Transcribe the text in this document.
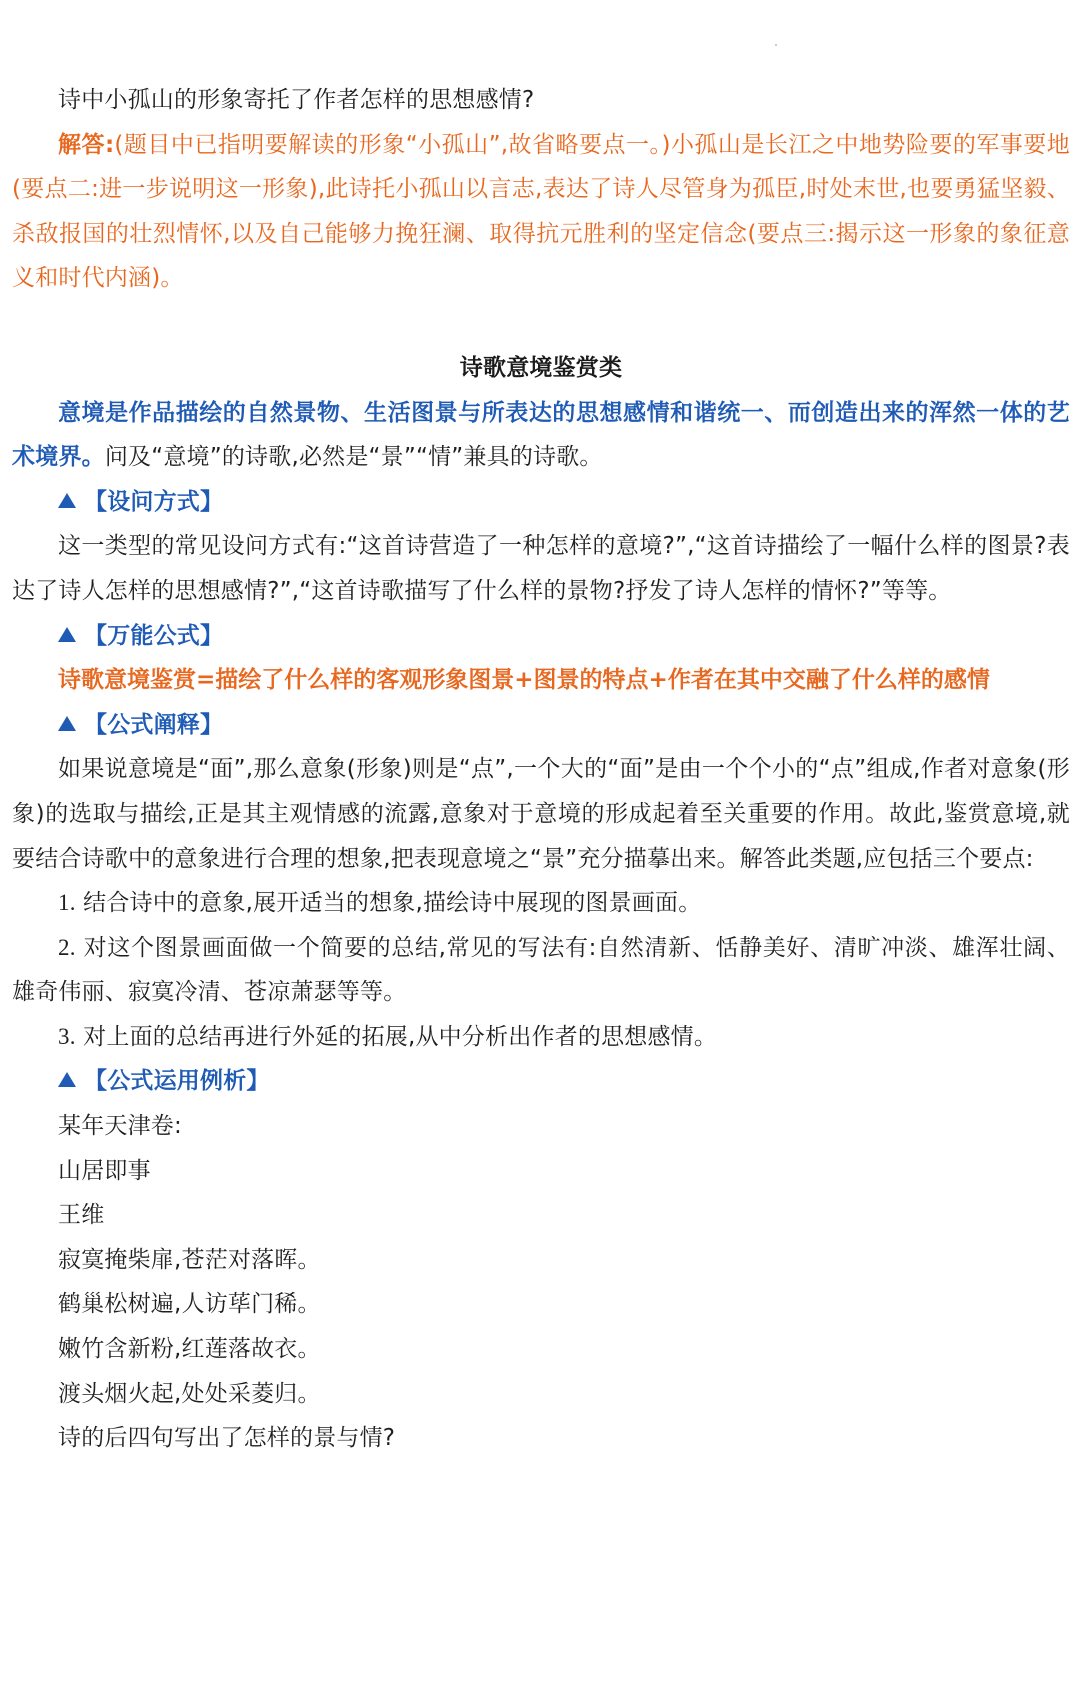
诗中小孤山的形象寄托了作者怎样的思想感情?

解答:(题目中已指明要解读的形象“小孤山”,故省略要点一。)小孤山是长江之中地势险要的军事要地(要点二:进一步说明这一形象),此诗托小孤山以言志,表达了诗人尽管身为孤臣,时处末世,也要勇猛坚毅、杀敌报国的壮烈情怀,以及自己能够力挽狂澜、取得抗元胜利的坚定信念(要点三:揭示这一形象的象征意义和时代内涵)。

诗歌意境鉴赏类

意境是作品描绘的自然景物、生活图景与所表达的思想感情和谐统一、而创造出来的浑然一体的艺术境界。问及“意境”的诗歌,必然是“景”“情”兼具的诗歌。

【设问方式】

这一类型的常见设问方式有:“这首诗营造了一种怎样的意境?”,“这首诗描绘了一幅什么样的图景?表达了诗人怎样的思想感情?”,“这首诗歌描写了什么样的景物?抒发了诗人怎样的情怀?”等等。

【万能公式】

诗歌意境鉴赏=描绘了什么样的客观形象图景+图景的特点+作者在其中交融了什么样的感情

【公式阐释】

如果说意境是“面”,那么意象(形象)则是“点”,一个大的“面”是由一个个小的“点”组成,作者对意象(形象)的选取与描绘,正是其主观情感的流露,意象对于意境的形成起着至关重要的作用。故此,鉴赏意境,就要结合诗歌中的意象进行合理的想象,把表现意境之“景”充分描摹出来。解答此类题,应包括三个要点:

1. 结合诗中的意象,展开适当的想象,描绘诗中展现的图景画面。

2. 对这个图景画面做一个简要的总结,常见的写法有:自然清新、恬静美好、清旷冲淡、雄浑壮阔、雄奇伟丽、寂寞冷清、苍凉萧瑟等等。

3. 对上面的总结再进行外延的拓展,从中分析出作者的思想感情。

【公式运用例析】

某年天津卷:

山居即事

王维

寂寞掩柴扉,苍茫对落晖。

鹤巢松树遍,人访荜门稀。

嫩竹含新粉,红莲落故衣。

渡头烟火起,处处采菱归。

诗的后四句写出了怎样的景与情?
